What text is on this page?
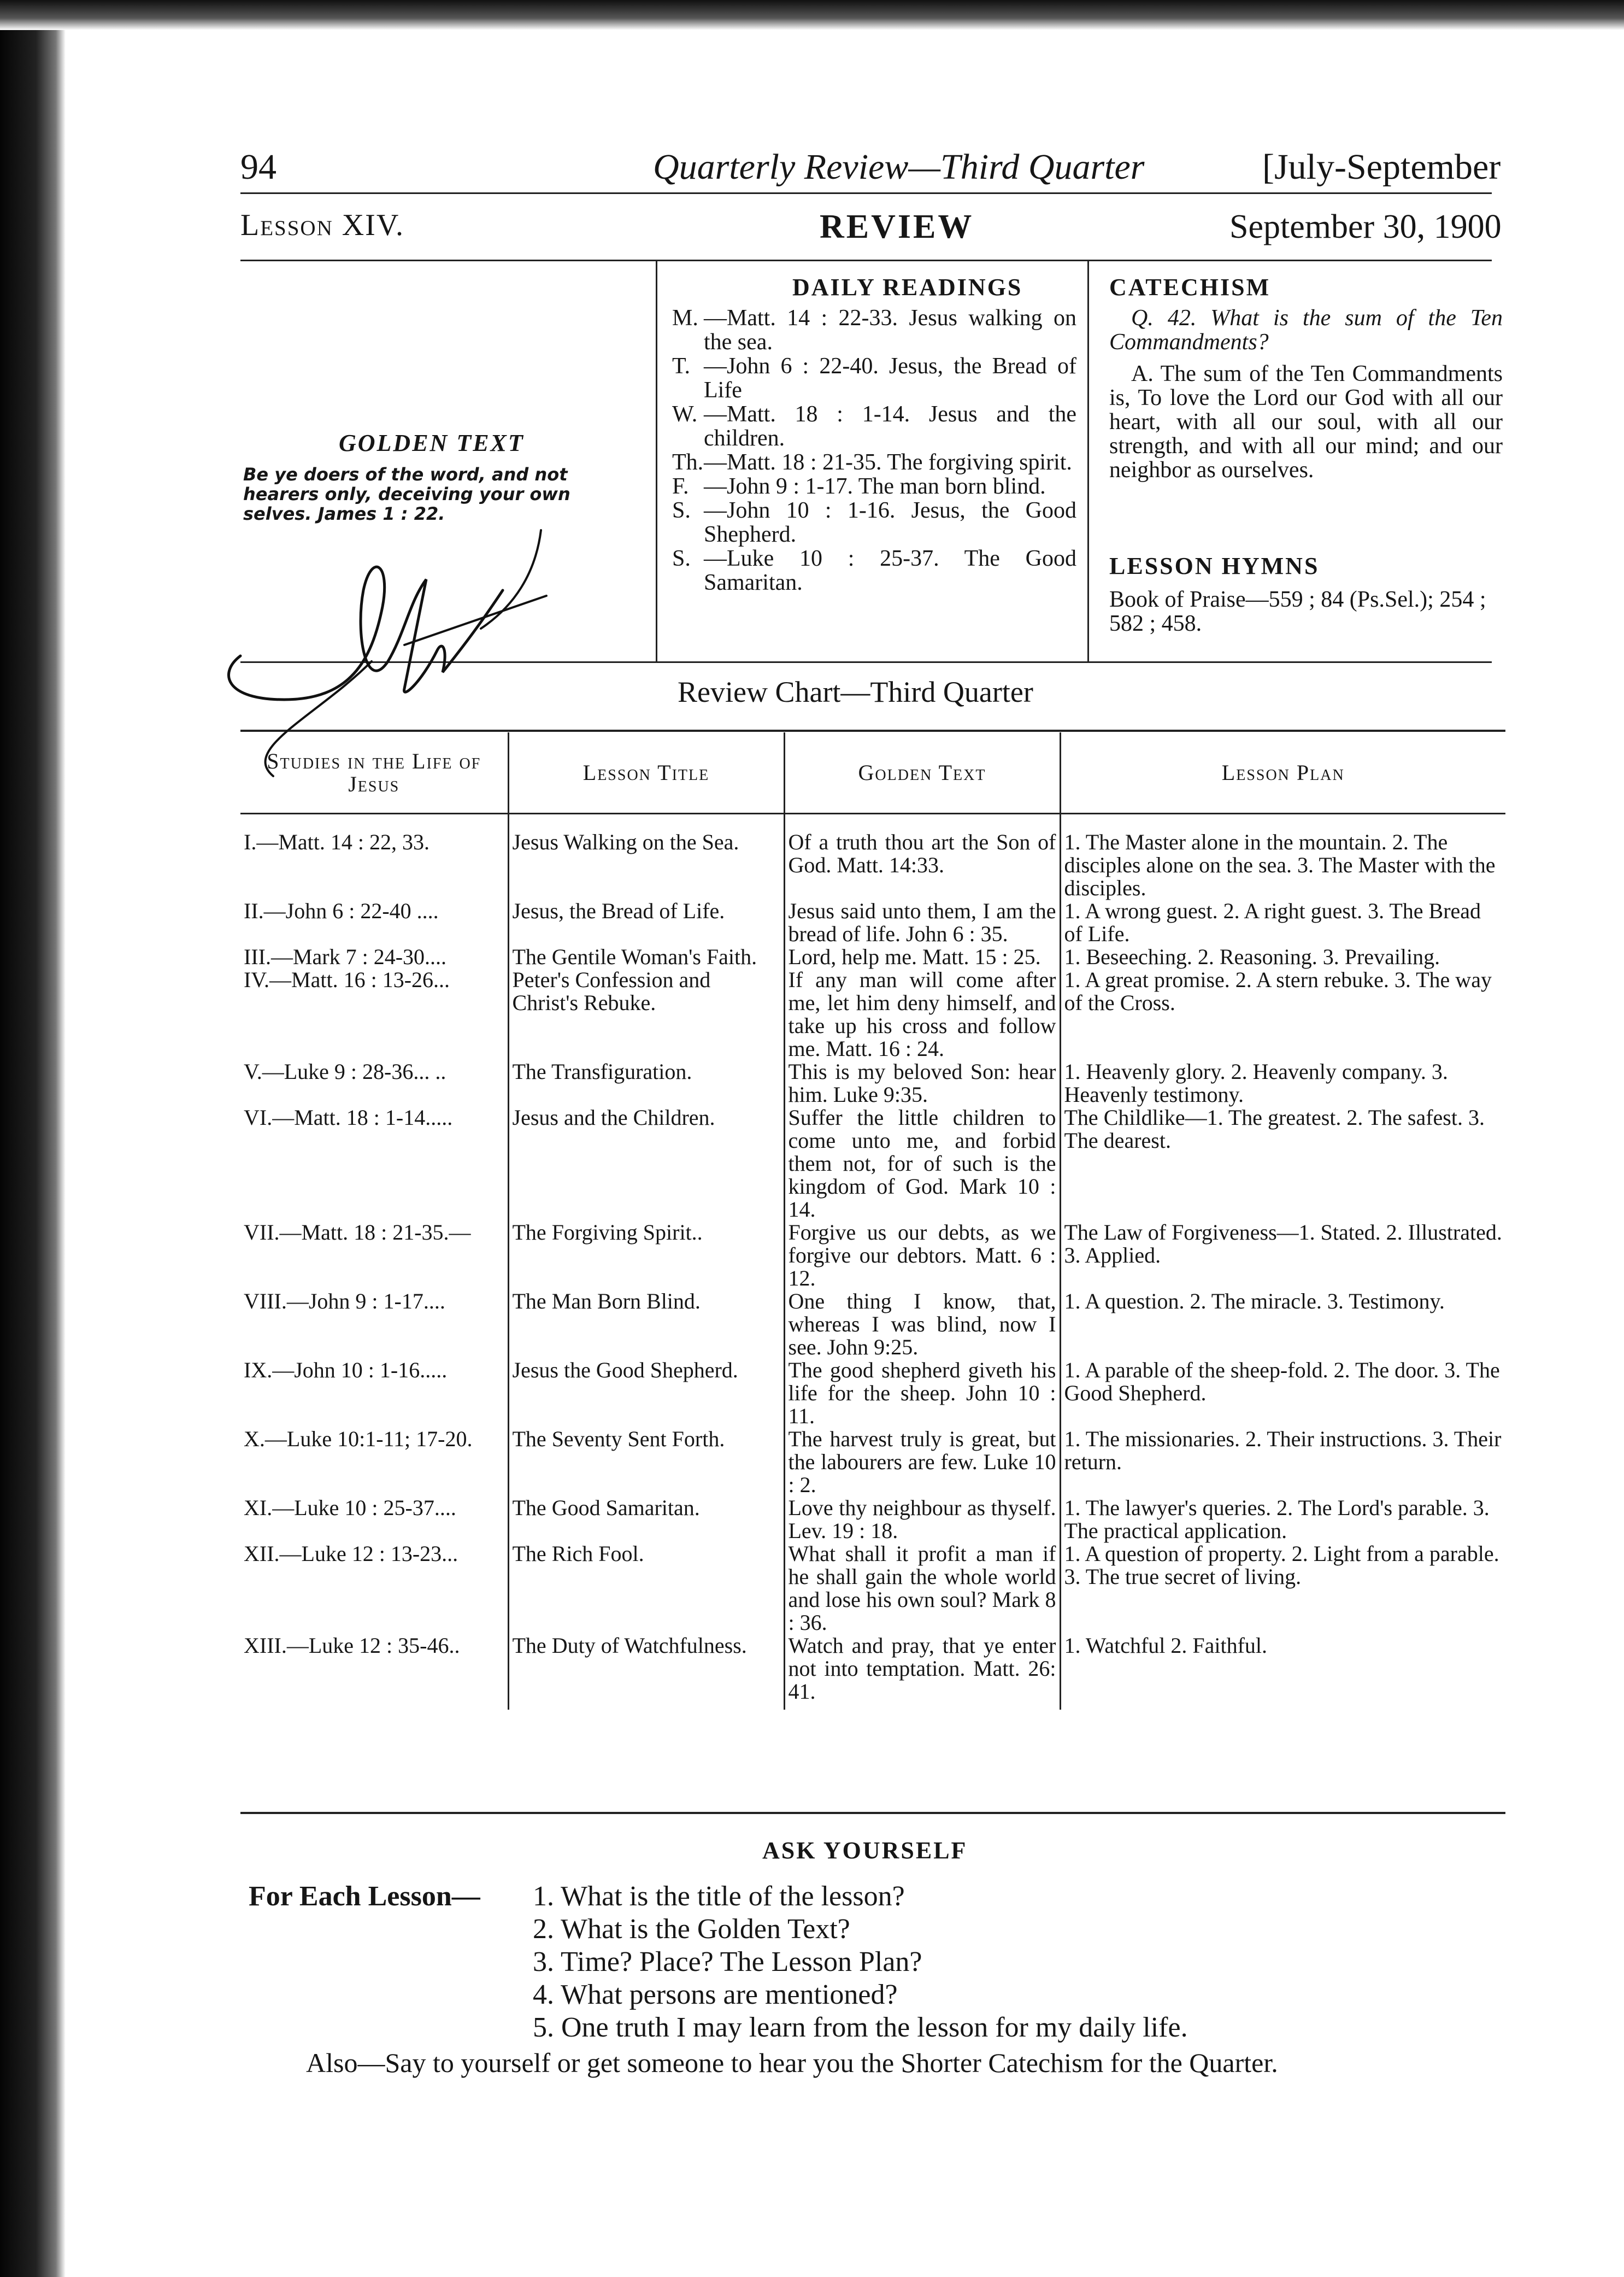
94	Quarterly Review—Third Quarter	[July-September
Lesson XIV.	REVIEW	September 30, 1900
GOLDEN TEXT
Be ye doers of the word, and not hearers only, deceiving your own selves. James 1 : 22.
DAILY READINGS
M. —Matt. 14 : 22-33. Jesus walking on the sea.
T. —John 6 : 22-40. Jesus, the Bread of Life
W. —Matt. 18 : 1-14. Jesus and the children.
Th. —Matt. 18 : 21-35. The forgiving spirit.
F. —John 9 : 1-17. The man born blind.
S. —John 10 : 1-16. Jesus, the Good Shepherd.
S. —Luke 10 : 25-37. The Good Samaritan.
CATECHISM
Q. 42. What is the sum of the Ten Commandments?
A. The sum of the Ten Commandments is, To love the Lord our God with all our heart, with all our soul, with all our strength, and with all our mind; and our neighbor as ourselves.
LESSON HYMNS
Book of Praise—559 ; 84 (Ps.Sel.); 254 ; 582 ; 458.
Review Chart—Third Quarter
Studies in the Life of Jesus	Lesson Title	Golden Text	Lesson Plan
I.—Matt. 14 : 22, 33.	Jesus Walking on the Sea.	Of a truth thou art the Son of God. Matt. 14:33.	1. The Master alone in the mountain. 2. The disciples alone on the sea. 3. The Master with the disciples.
II.—John 6 : 22-40 ....	Jesus, the Bread of Life.	Jesus said unto them, I am the bread of life. John 6 : 35.	1. A wrong guest. 2. A right guest. 3. The Bread of Life.
III.—Mark 7 : 24-30....	The Gentile Woman's Faith.	Lord, help me. Matt. 15 : 25.	1. Beseeching. 2. Reasoning. 3. Prevailing.
IV.—Matt. 16 : 13-26...	Peter's Confession and Christ's Rebuke.	If any man will come after me, let him deny himself, and take up his cross and follow me. Matt. 16 : 24.	1. A great promise. 2. A stern rebuke. 3. The way of the Cross.
V.—Luke 9 : 28-36... ..	The Transfiguration.	This is my beloved Son: hear him. Luke 9:35.	1. Heavenly glory. 2. Heavenly company. 3. Heavenly testimony.
VI.—Matt. 18 : 1-14.....	Jesus and the Children.	Suffer the little children to come unto me, and forbid them not, for of such is the kingdom of God. Mark 10 : 14.	The Childlike—1. The greatest. 2. The safest. 3. The dearest.
VII.—Matt. 18 : 21-35.—	The Forgiving Spirit..	Forgive us our debts, as we forgive our debtors. Matt. 6 : 12.	The Law of Forgiveness—1. Stated. 2. Illustrated. 3. Applied.
VIII.—John 9 : 1-17....	The Man Born Blind.	One thing I know, that, whereas I was blind, now I see. John 9:25.	1. A question. 2. The miracle. 3. Testimony.
IX.—John 10 : 1-16.....	Jesus the Good Shepherd.	The good shepherd giveth his life for the sheep. John 10 : 11.	1. A parable of the sheep-fold. 2. The door. 3. The Good Shepherd.
X.—Luke 10:1-11; 17-20.	The Seventy Sent Forth.	The harvest truly is great, but the labourers are few. Luke 10 : 2.	1. The missionaries. 2. Their instructions. 3. Their return.
XI.—Luke 10 : 25-37....	The Good Samaritan.	Love thy neighbour as thyself. Lev. 19 : 18.	1. The lawyer's queries. 2. The Lord's parable. 3. The practical application.
XII.—Luke 12 : 13-23...	The Rich Fool.	What shall it profit a man if he shall gain the whole world and lose his own soul? Mark 8 : 36.	1. A question of property. 2. Light from a parable. 3. The true secret of living.
XIII.—Luke 12 : 35-46..	The Duty of Watchfulness.	Watch and pray, that ye enter not into temptation. Matt. 26: 41.	1. Watchful 2. Faithful.
ASK YOURSELF
For Each Lesson— 1. What is the title of the lesson?
2. What is the Golden Text?
3. Time? Place? The Lesson Plan?
4. What persons are mentioned?
5. One truth I may learn from the lesson for my daily life.
Also—Say to yourself or get someone to hear you the Shorter Catechism for the Quarter.
